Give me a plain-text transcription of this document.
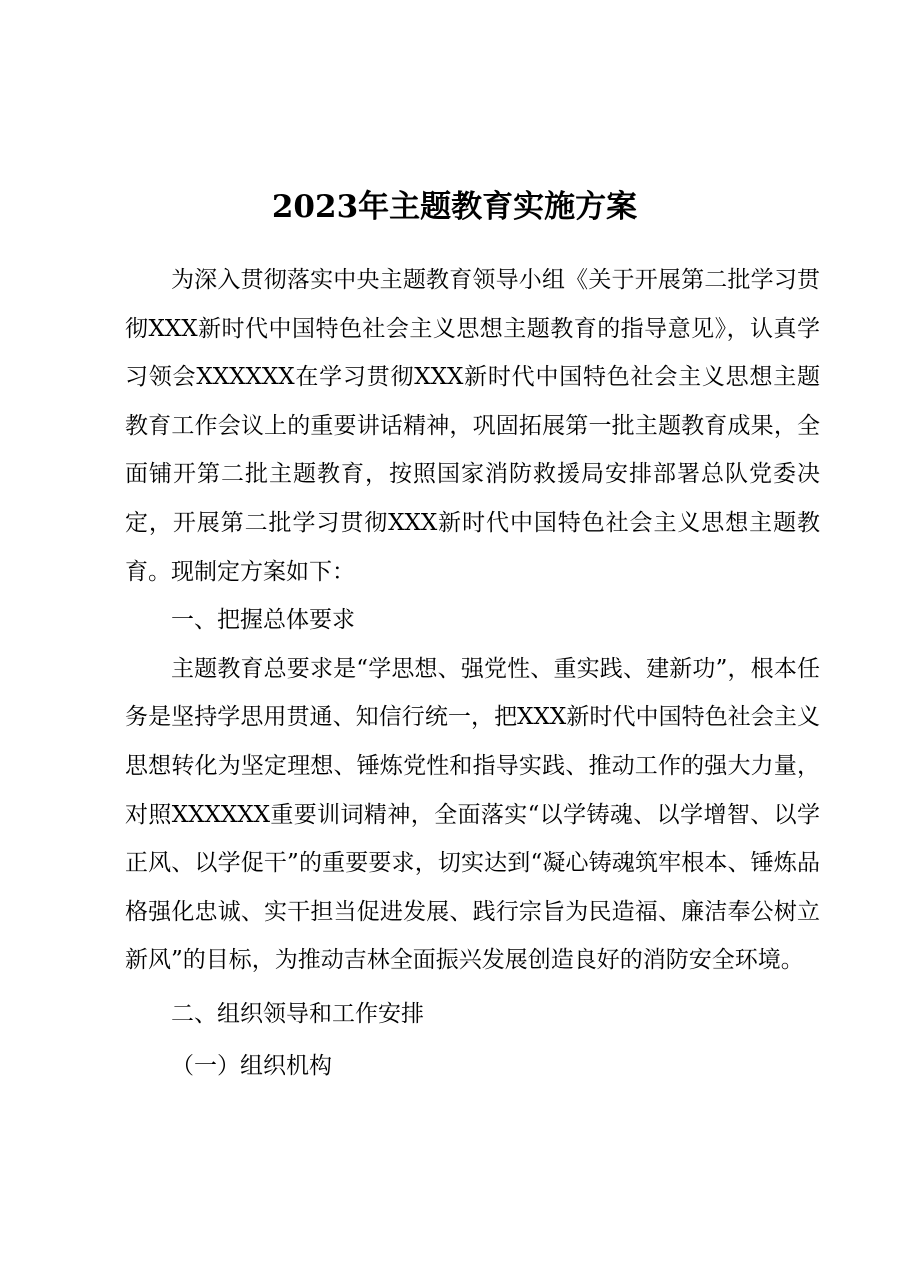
2023年主题教育实施方案

为深入贯彻落实中央主题教育领导小组《关于开展第二批学习贯彻XXX新时代中国特色社会主义思想主题教育的指导意见》，认真学习领会XXXXXX在学习贯彻XXX新时代中国特色社会主义思想主题教育工作会议上的重要讲话精神，巩固拓展第一批主题教育成果，全面铺开第二批主题教育，按照国家消防救援局安排部署总队党委决定，开展第二批学习贯彻XXX新时代中国特色社会主义思想主题教育。现制定方案如下：

一、把握总体要求

主题教育总要求是“学思想、强党性、重实践、建新功”，根本任务是坚持学思用贯通、知信行统一，把XXX新时代中国特色社会主义思想转化为坚定理想、锤炼党性和指导实践、推动工作的强大力量，对照XXXXXX重要训词精神，全面落实“以学铸魂、以学增智、以学正风、以学促干”的重要要求，切实达到“凝心铸魂筑牢根本、锤炼品格强化忠诚、实干担当促进发展、践行宗旨为民造福、廉洁奉公树立新风”的目标，为推动吉林全面振兴发展创造良好的消防安全环境。

二、组织领导和工作安排

（一）组织机构
